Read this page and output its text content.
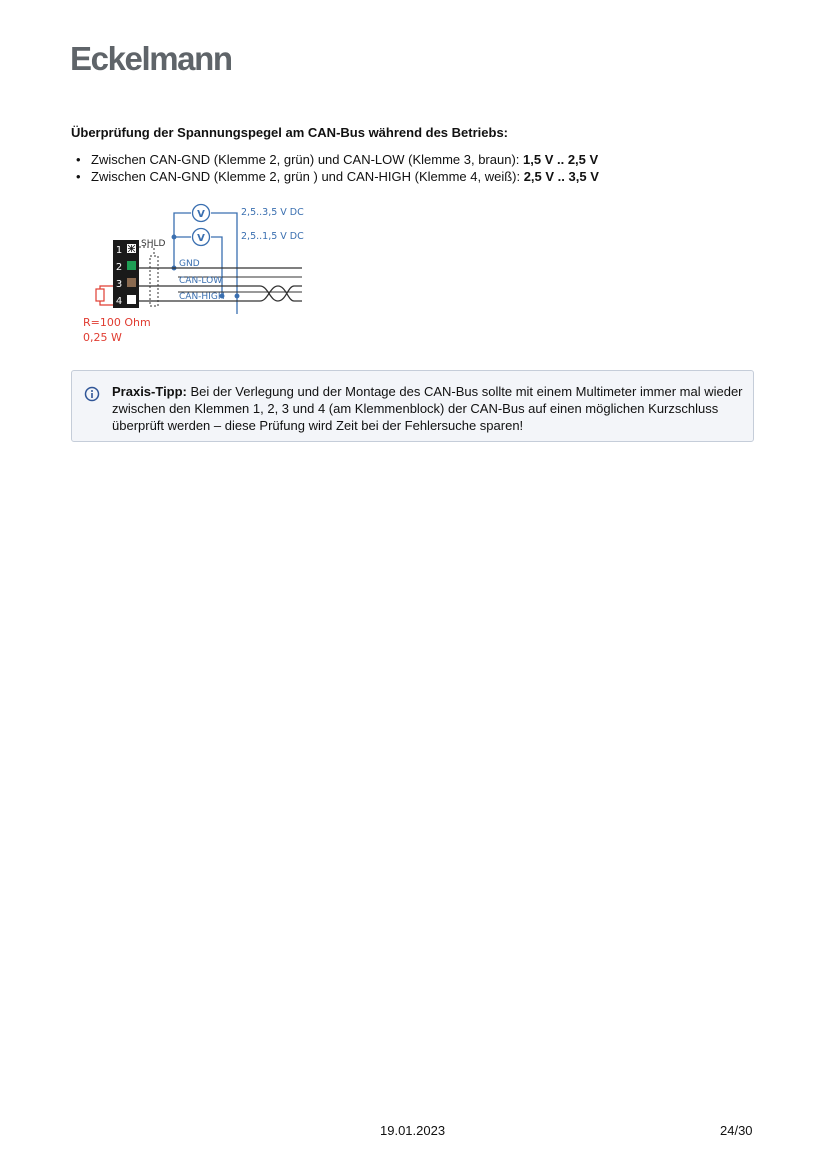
Eckelmann

Überprüfung der Spannungspegel am CAN-Bus während des Betriebs:

• Zwischen CAN-GND (Klemme 2, grün) und CAN-LOW (Klemme 3, braun): 1,5 V .. 2,5 V
• Zwischen CAN-GND (Klemme 2, grün ) und CAN-HIGH (Klemme 4, weiß): 2,5 V .. 3,5 V
V
V
2,5..3,5 V DC
2,5..1,5 V DC
GND
CAN-LOW
CAN-HIGH
SHLD
1
2
3
4
R=100 Ohm
0,25 W

Praxis-Tipp: Bei der Verlegung und der Montage des CAN-Bus sollte mit einem Multimeter immer mal wieder zwischen den Klemmen 1, 2, 3 und 4 (am Klemmenblock) der CAN-Bus auf einen möglichen Kurzschluss überprüft werden – diese Prüfung wird Zeit bei der Fehlersuche sparen!

19.01.2023	24/30
